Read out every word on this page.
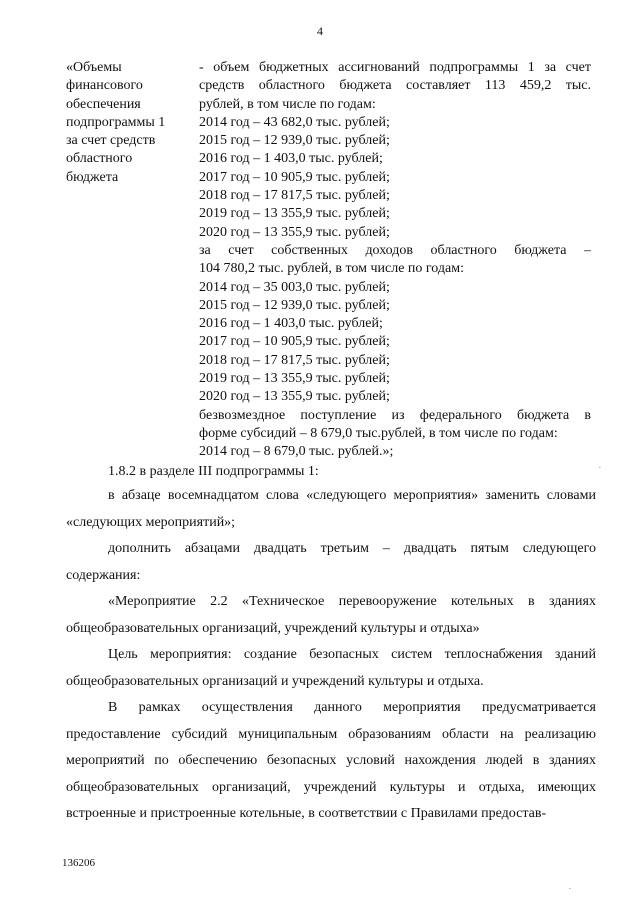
4
«Объемы
финансового
обеспечения
подпрограммы 1
за счет средств
областного
бюджета
- объем бюджетных ассигнований подпрограммы 1 за счет
средств областного бюджета составляет 113 459,2 тыс.
рублей, в том числе по годам:
2014 год – 43 682,0 тыс. рублей;
2015 год – 12 939,0 тыс. рублей;
2016 год – 1 403,0 тыс. рублей;
2017 год – 10 905,9 тыс. рублей;
2018 год – 17 817,5 тыс. рублей;
2019 год – 13 355,9 тыс. рублей;
2020 год – 13 355,9 тыс. рублей;
за счет собственных доходов областного бюджета –
104 780,2 тыс. рублей, в том числе по годам:
2014 год – 35 003,0 тыс. рублей;
2015 год – 12 939,0 тыс. рублей;
2016 год – 1 403,0 тыс. рублей;
2017 год – 10 905,9 тыс. рублей;
2018 год – 17 817,5 тыс. рублей;
2019 год – 13 355,9 тыс. рублей;
2020 год – 13 355,9 тыс. рублей;
безвозмездное поступление из федерального бюджета в
форме субсидий – 8 679,0 тыс.рублей, в том числе по годам:
2014 год – 8 679,0 тыс. рублей.»;

1.8.2 в разделе III подпрограммы 1:

в абзаце восемнадцатом слова «следующего мероприятия» заменить словами «следующих мероприятий»;

дополнить абзацами двадцать третьим – двадцать пятым следующего содержания:

«Мероприятие 2.2 «Техническое перевооружение котельных в зданиях общеобразовательных организаций, учреждений культуры и отдыха»

Цель мероприятия: создание безопасных систем теплоснабжения зданий общеобразовательных организаций и учреждений культуры и отдыха.

В рамках осуществления данного мероприятия предусматривается предоставление субсидий муниципальным образованиям области на реализацию мероприятий по обеспечению безопасных условий нахождения людей в зданиях общеобразовательных организаций, учреждений культуры и отдыха, имеющих встроенные и пристроенные котельные, в соответствии с Правилами предостав-

136206
·
·
